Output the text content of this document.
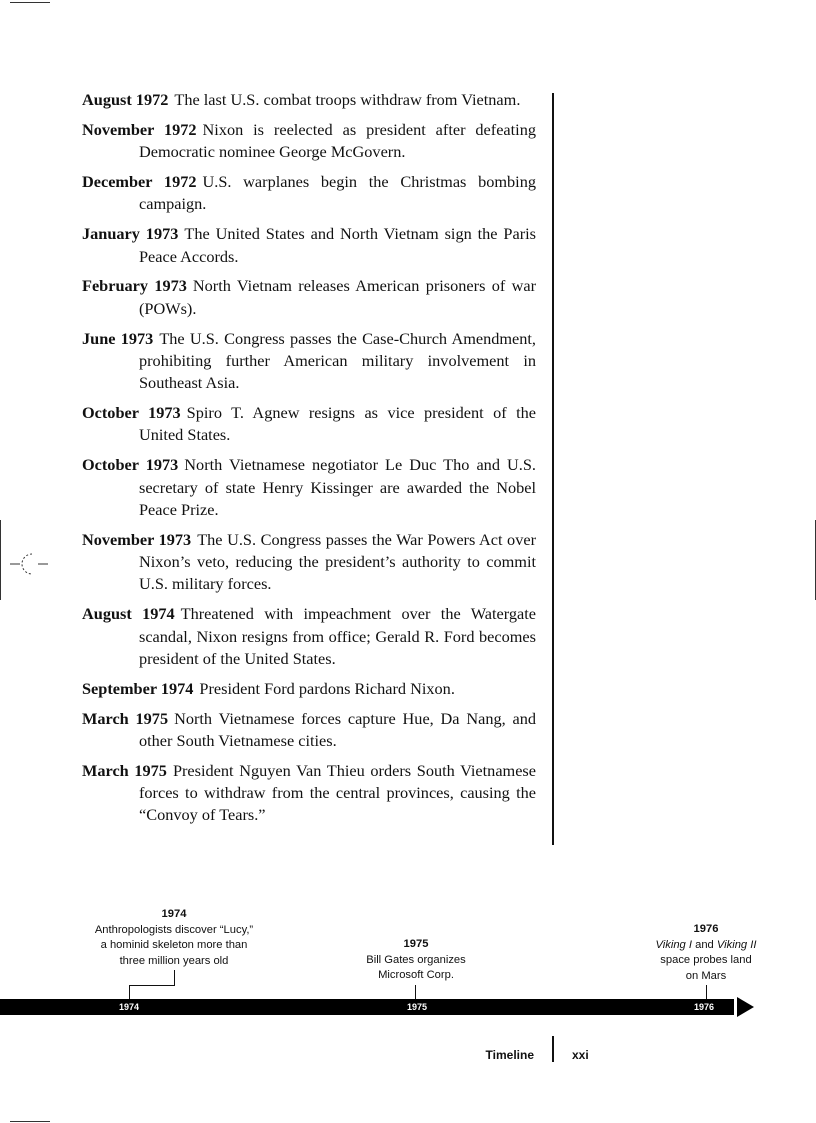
August 1972 The last U.S. combat troops withdraw from Vietnam.

November 1972 Nixon is reelected as president after defeating Democratic nominee George McGovern.

December 1972 U.S. warplanes begin the Christmas bombing campaign.

January 1973 The United States and North Vietnam sign the Paris Peace Accords.

February 1973 North Vietnam releases American prisoners of war (POWs).

June 1973 The U.S. Congress passes the Case-Church Amendment, prohibiting further American military involvement in Southeast Asia.

October 1973 Spiro T. Agnew resigns as vice president of the United States.

October 1973 North Vietnamese negotiator Le Duc Tho and U.S. secretary of state Henry Kissinger are awarded the Nobel Peace Prize.

November 1973 The U.S. Congress passes the War Powers Act over Nixon’s veto, reducing the president’s authority to commit U.S. military forces.

August 1974 Threatened with impeachment over the Watergate scandal, Nixon resigns from office; Gerald R. Ford becomes president of the United States.

September 1974 President Ford pardons Richard Nixon.

March 1975 North Vietnamese forces capture Hue, Da Nang, and other South Vietnamese cities.

March 1975 President Nguyen Van Thieu orders South Vietnamese forces to withdraw from the central provinces, causing the “Convoy of Tears.”

1974
Anthropologists discover “Lucy,”
a hominid skeleton more than
three million years old
1975
Bill Gates organizes
Microsoft Corp.
1976
Viking I and Viking II
space probes land
on Mars
1974	1975	1976
Timeline	xxi
